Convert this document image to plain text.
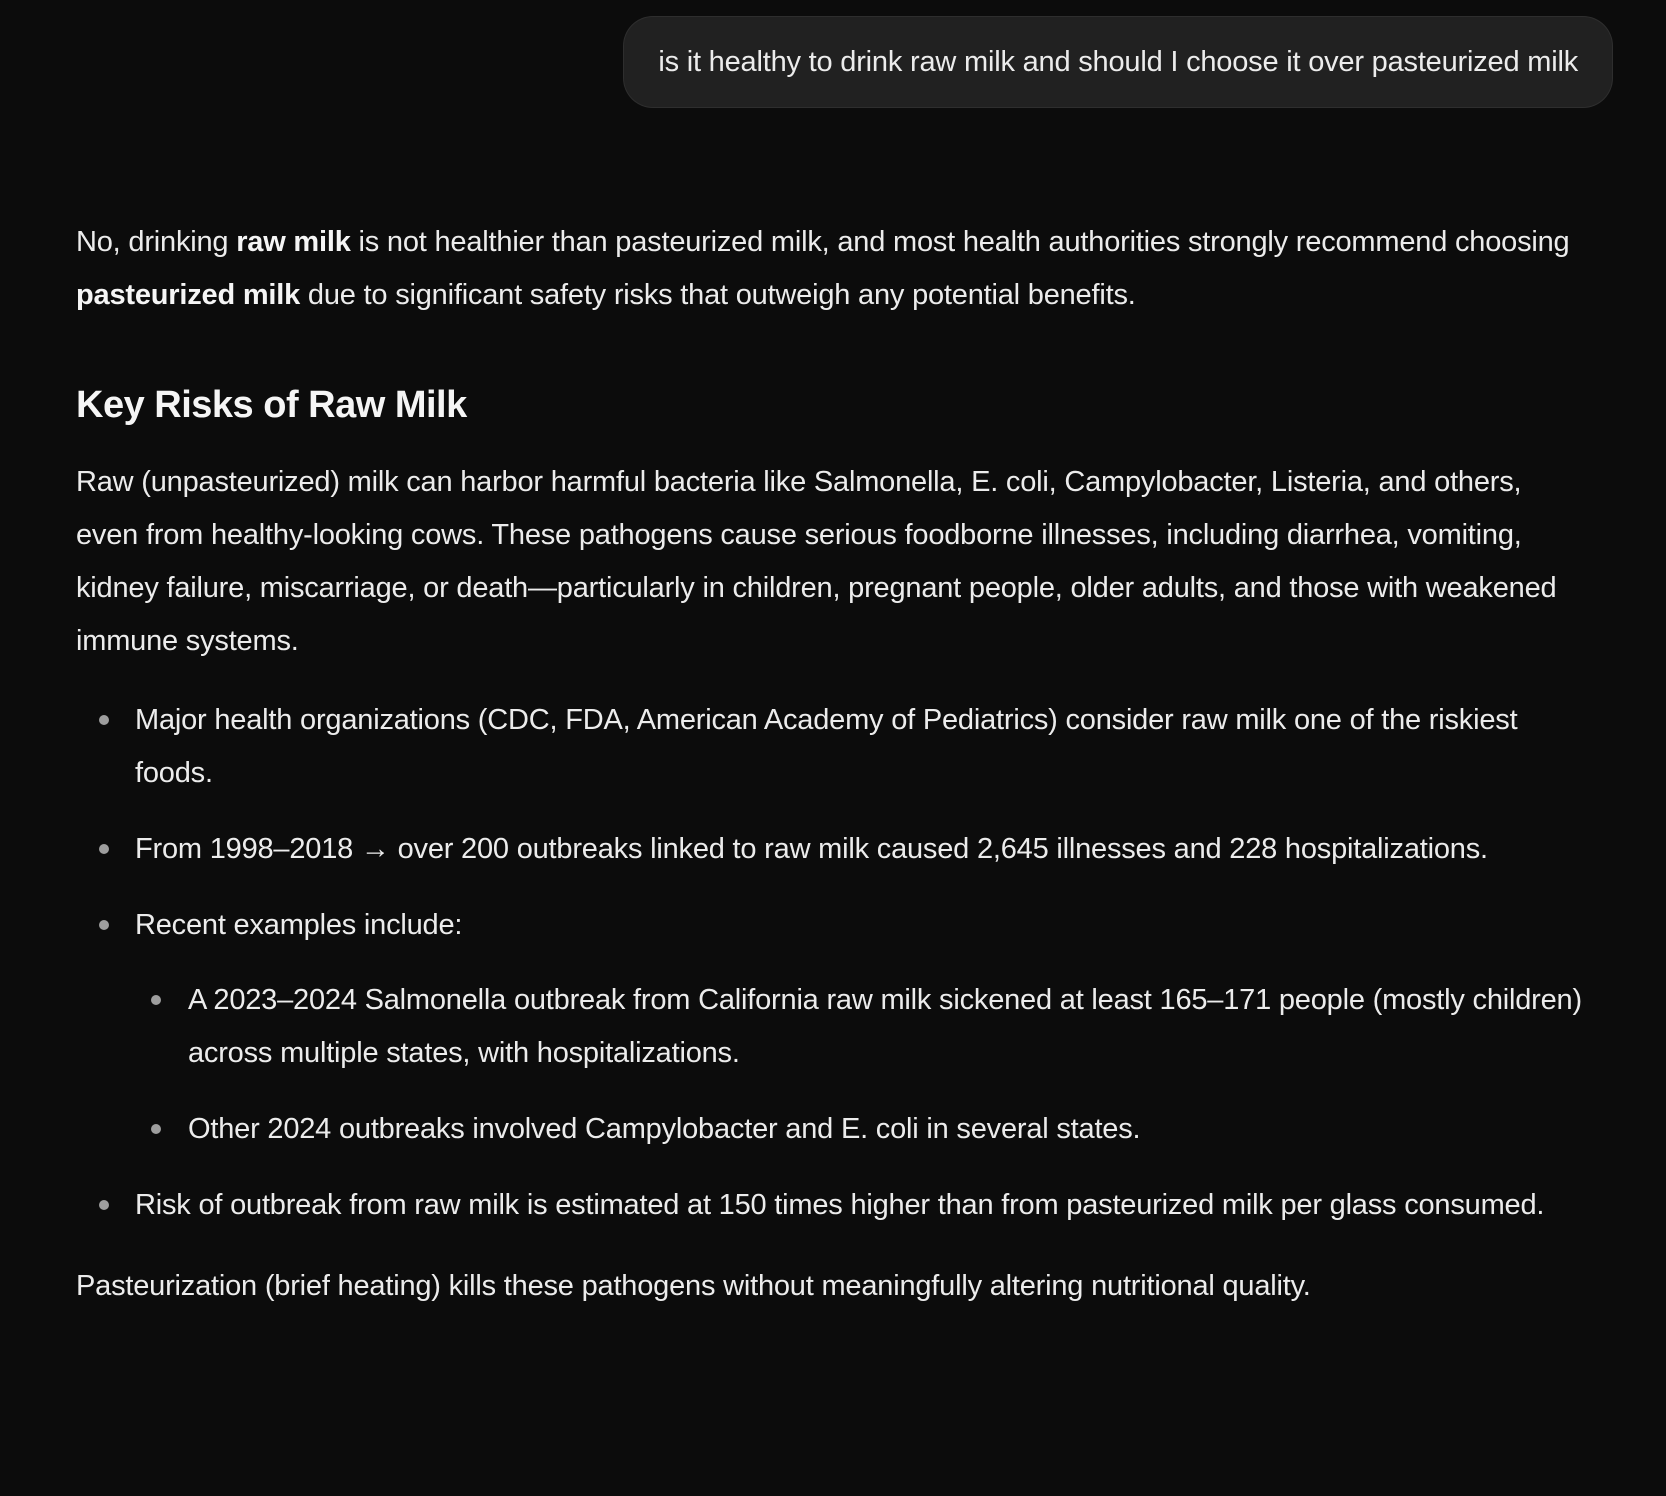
is it healthy to drink raw milk and should I choose it over pasteurized milk

No, drinking raw milk is not healthier than pasteurized milk, and most health authorities strongly recommend choosing pasteurized milk due to significant safety risks that outweigh any potential benefits.

Key Risks of Raw Milk

Raw (unpasteurized) milk can harbor harmful bacteria like Salmonella, E. coli, Campylobacter, Listeria, and others, even from healthy-looking cows. These pathogens cause serious foodborne illnesses, including diarrhea, vomiting, kidney failure, miscarriage, or death—particularly in children, pregnant people, older adults, and those with weakened immune systems.

Major health organizations (CDC, FDA, American Academy of Pediatrics) consider raw milk one of the riskiest foods.
From 1998–2018 → over 200 outbreaks linked to raw milk caused 2,645 illnesses and 228 hospitalizations.
Recent examples include:
A 2023–2024 Salmonella outbreak from California raw milk sickened at least 165–171 people (mostly children) across multiple states, with hospitalizations.
Other 2024 outbreaks involved Campylobacter and E. coli in several states.
Risk of outbreak from raw milk is estimated at 150 times higher than from pasteurized milk per glass consumed.

Pasteurization (brief heating) kills these pathogens without meaningfully altering nutritional quality.
